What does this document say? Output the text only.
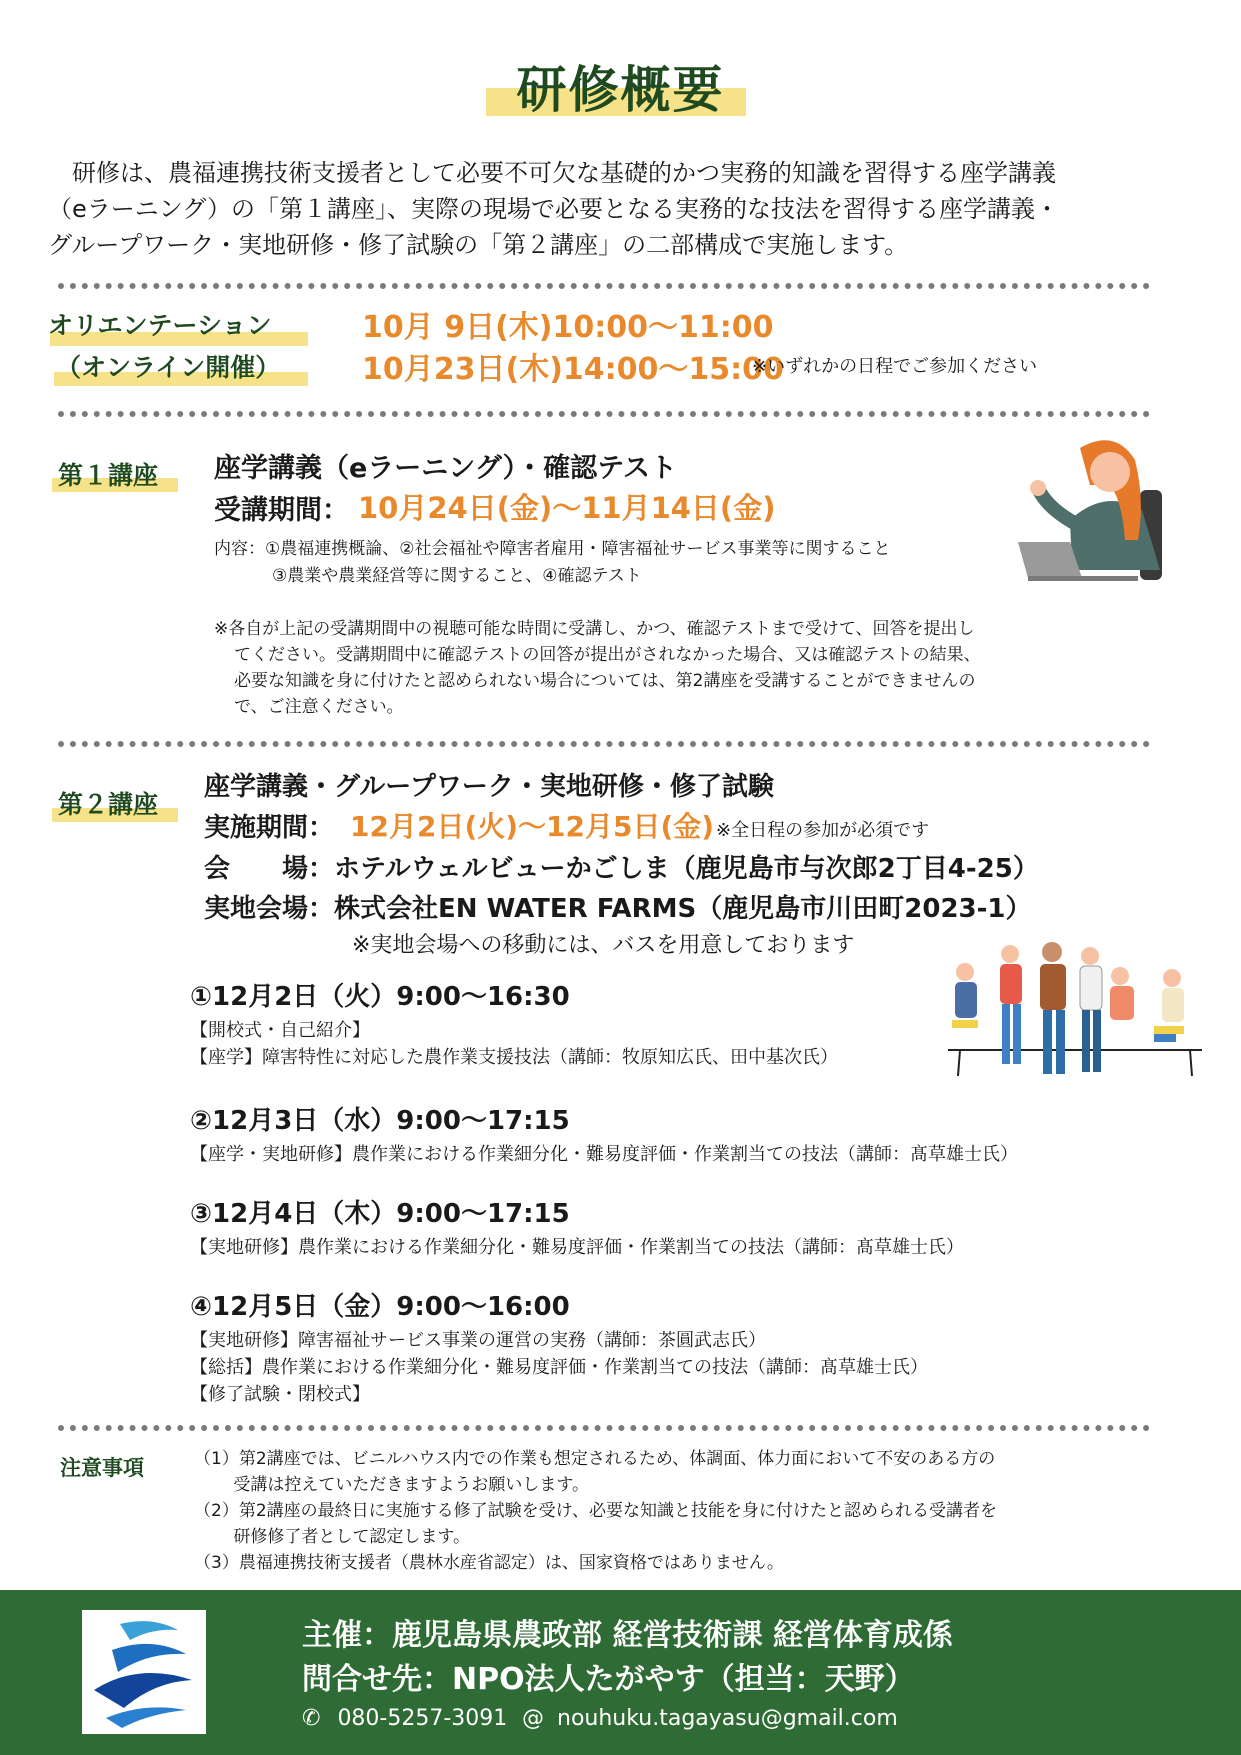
研修概要

研修は、農福連携技術支援者として必要不可欠な基礎的かつ実務的知識を習得する座学講義

（eラーニング）の「第１講座」、実際の現場で必要となる実務的な技法を習得する座学講義・

グループワーク・実地研修・修了試験の「第２講座」の二部構成で実施します。

オリエンテーション
（オンライン開催）
10月 9日(木)10:00～11:00
10月23日(木)14:00～15:00
※いずれかの日程でご参加ください
第１講座 座学講義（eラーニング）・確認テスト
受講期間： 10月24日(金)～11月14日(金)
内容：①農福連携概論、②社会福祉や障害者雇用・障害福祉サービス事業等に関すること
③農業や農業経営等に関すること、④確認テスト
※各自が上記の受講期間中の視聴可能な時間に受講し、かつ、確認テストまで受けて、回答を提出し
てください。受講期間中に確認テストの回答が提出がされなかった場合、又は確認テストの結果、
必要な知識を身に付けたと認められない場合については、第2講座を受講することができませんの
で、ご注意ください。
第２講座
座学講義・グループワーク・実地研修・修了試験
実施期間： 12月2日(火)～12月5日(金) ※全日程の参加が必須です
会　　場：ホテルウェルビューかごしま（鹿児島市与次郎2丁目4-25）
実地会場：株式会社EN WATER FARMS（鹿児島市川田町2023-1）
※実地会場への移動には、バスを用意しております
①12月2日（火）9:00～16:30
【開校式・自己紹介】
【座学】障害特性に対応した農作業支援技法（講師：牧原知広氏、田中基次氏）
②12月3日（水）9:00～17:15
【座学・実地研修】農作業における作業細分化・難易度評価・作業割当ての技法（講師：髙草雄士氏）
③12月4日（木）9:00～17:15
【実地研修】農作業における作業細分化・難易度評価・作業割当ての技法（講師：髙草雄士氏）
④12月5日（金）9:00～16:00
【実地研修】障害福祉サービス事業の運営の実務（講師：茶圓武志氏）
【総括】農作業における作業細分化・難易度評価・作業割当ての技法（講師：髙草雄士氏）
【修了試験・閉校式】
注意事項	（1）第2講座では、ビニルハウス内での作業も想定されるため、体調面、体力面において不安のある方の
　　 受講は控えていただきますようお願いします。
（2）第2講座の最終日に実施する修了試験を受け、必要な知識と技能を身に付けたと認められる受講者を
　　 研修修了者として認定します。
（3）農福連携技術支援者（農林水産省認定）は、国家資格ではありません。
主催：鹿児島県農政部 経営技術課 経営体育成係
問合せ先：NPO法人たがやす（担当：天野）
✆ 080-5257-3091 @ nouhuku.tagayasu@gmail.com
